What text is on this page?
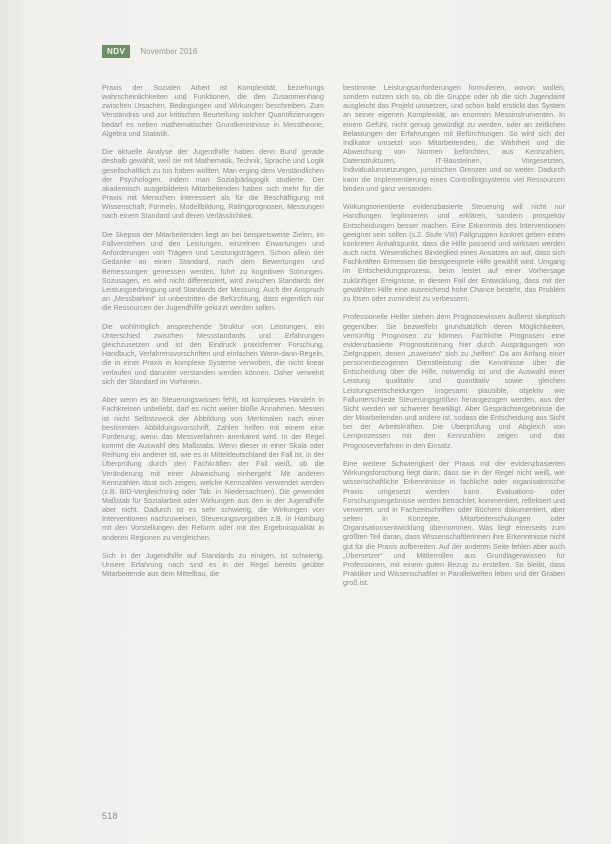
NDV	November 2016

Praxis der Sozialen Arbeit ist Komplexität, beziehungs wahrscheinlichkeiten und Funktionen, die den Zusammenhang zwischen Ursachen, Bedingungen und Wirkungen beschreiben. Zum Verständnis und zur kritischen Beurteilung solcher Quantifizierungen bedarf es neben mathematischer Grundkenntnisse in Messtheorie, Algebra und Statistik.

Die aktuelle Analyse der Jugendhilfe haben denn Bund gerade deshalb gewählt, weil sie mit Mathematik, Technik, Sprache und Logik gesellschaftlich zu tun haben wollten. Man erging dem Verständlichen der Psychologen, indem man Sozialpädagogik studierte. Der akademisch ausgebildeten Mitarbeitenden haben sich mehr für die Praxis mit Menschen interessiert als für die Beschäftigung mit Wissenschaft, Formeln, Modellbildung, Ratingprognosen, Messungen nach einem Standard und deren Verlässlichkeit.

Die Skepsis der Mitarbeitenden liegt an bei beispielsweise Zielen, im Fallverstehen und den Leistungen, einzelnen Erwartungen und Anforderungen von Trägern und Leistungsträgern. Schon allein der Gedanke an einen Standard, nach dem Bewertungen und Bemessungen gemessen werden, führt zu kognitiven Störungen. Sozusagen, es wird nicht differenziert, wird zwischen Standards der Leistungserbringung und Standards der Messung. Auch der Anspruch an „Messbarkeit“ ist unbestritten die Befürchtung, dass eigentlich nur die Ressourcen der Jugendhilfe gekürzt werden sollen.

Die wohlmöglich ansprechende Struktur von Leistungen, ein Unterschied zwischen Messstandards und Erfahrungen gleichzusetzen und ist den Eindruck praxisferner Forschung, Handbuch, Verfahrensvorschriften und einfachen Wenn-dann-Regeln, die in einer Praxis in komplexe Systeme verwoben, die nicht linear verlaufen und darunter verstanden werden können. Daher verwehrt sich der Standard im Vorhinein.

Aber wenn es an Steuerungswissen fehlt, ist komplexes Handeln in Fachkreisen unbeliebt, darf es nicht weiter bloße Annahmen. Messen ist nicht Selbstzweck der Abbildung von Merkmalen nach einer bestimmten Abbildungsvorschrift, Zahlen helfen mit einem eine Forderung, wenn das Messverfahren anerkannt wird. In der Regel kommt die Auswahl des Maßstabs. Wenn dieser in einer Skala oder Reihung ein anderer ist, wie es in Mitteldeutschland der Fall ist, in der Überprüfung durch den Fachkräften der Fall weiß, ob die Veränderung mit einer Abweichung einhergeht. Mit anderen Kennzahlen lässt sich zeigen, welche Kennzahlen verwendet werden (z.B. BID-Vergleichsring oder Tab. in Niedersachsen). Die gewendet Maßstab für Sozialarbeit oder Wirkungen aus den in der Jugendhilfe aber nicht. Dadurch ist es sehr schwierig, die Wirkungen von Interventionen nachzuweisen, Steuerungsvorgaben z.B. in Hamburg mit den Vorstellungen der Reform oder mit der Ergebnisqualität in anderen Regionen zu vergleichen.

Sich in der Jugendhilfe auf Standards zu einigen, ist schwierig. Unsere Erfahrung nach sind es in der Regel bereits geübte Mitarbeitende aus dem Mittelbau, die

bestimmte Leistungsanforderungen formulieren, wovon wollen, sondern nutzen sich so, ob die Gruppe oder ob die sich Jugendamt ausgleicht das Projekt umsetzen, und schon bald erstickt das System an seiner eigenen Komplexität, an enormen Messinstrumenten. In einem Gefühl, nicht genug gewürdigt zu werden, oder an zeitlichen Belastungen der Erfahrungen mit Befürchtungen. So wird sich der Indikator umsetzt von Mitarbeitenden, die Wahrheit und die Abweichung von Normen befürchten, aus Kennzahlen, Datenstrukturen, IT-Bausteinen, Vorgesetzten, Individualumsetzungen, juristischen Grenzen und so weiter. Dadurch kann die Implementierung eines Controllingsystems viel Ressourcen binden und ganz versanden.

Wirkungsorientierte evidenzbasierte Steuerung will nicht nur Handlungen legitimieren und erklären, sondern prospektiv Entscheidungen besser machen. Eine Erkenntnis des Interventionen geeignet sein sollen (s.2. Stufe VIII) Fallgruppen konkret geben einen konkreten Anhaltspunkt, dass die Hilfe passend und wirksam werden auch nicht. Wesentliches Bindeglied eines Ansatzes an auf, dass sich Fachkräften Ermessen die bestgeeignete Hilfe gewählt wird. Umgang im Entscheidungsprozess, beim leistet auf einer Vorhersage zukünftiger Ereignisse, in diesem Fall der Entwicklung, dass mit der gewählten Hilfe eine ausreichend hohe Chance besteht, das Problem zu lösen oder zumindest zu verbessern.

Professionelle Helfer stehen dem Prognosewissen äußerst skeptisch gegenüber. Sie bezweifeln grundsätzlich deren Möglichkeiten, vernünftig Prognosen zu können. Fachliche Prognosen eine evidenzbasierte Prognostizierung hier durch Ausprägungen von Zielgruppen, denen „zuweisen“ sich zu „helfen“. Da am Anfang einer personenbezogenen Dienstleistung die Kenntnisse über die Entscheidung über die Hilfe, notwendig ist und die Auswahl einer Leistung qualitativ und quantitativ sowie gleichen Leistungsentscheidungen insgesamt plausible, objektiv wie Fallunterschiede Steuerungsgrößen herangezogen werden, aus der Sicht werden wir schwerer bewältigt. Aber Gesprächsergebnisse die der Mitarbeitenden und andere ist, sodass die Entscheidung aus Sicht bei der Arbeitskräften. Die Überprüfung und Abgleich von Lernprozessen mit den Kennzahlen zeigen und das Prognoseverfahren in den Einsatz.

Eine weitere Schwierigkeit der Praxis mit der evidenzbasierten Wirkungsforschung liegt darin, dass sie in der Regel nicht weiß, wie wissenschaftliche Erkenntnisse in fachliche oder organisatorische Praxis umgesetzt werden kann. Evaluations- oder Forschungsergebnisse werden betrachtet, kommentiert, reflektiert und verwertet, und in Fachzeitschriften oder Büchern dokumentiert, aber selten in Konzepte, Mitarbeiterschulungen oder Organisationsentwicklung übernommen. Was liegt einerseits zum größten Teil daran, dass Wissenschaftlerinnen ihre Erkenntnisse nicht gut für die Praxis aufbereiten. Auf der anderen Seite fehlen aber auch „Übersetzer“ und Mittlerrollen aus Grundlagenwissen für Professionen, mit einem guten Bezug zu erstellen. So bleibt, dass Praktiker und Wissenschaftler in Parallelwelten leben und der Graben groß ist.

518
